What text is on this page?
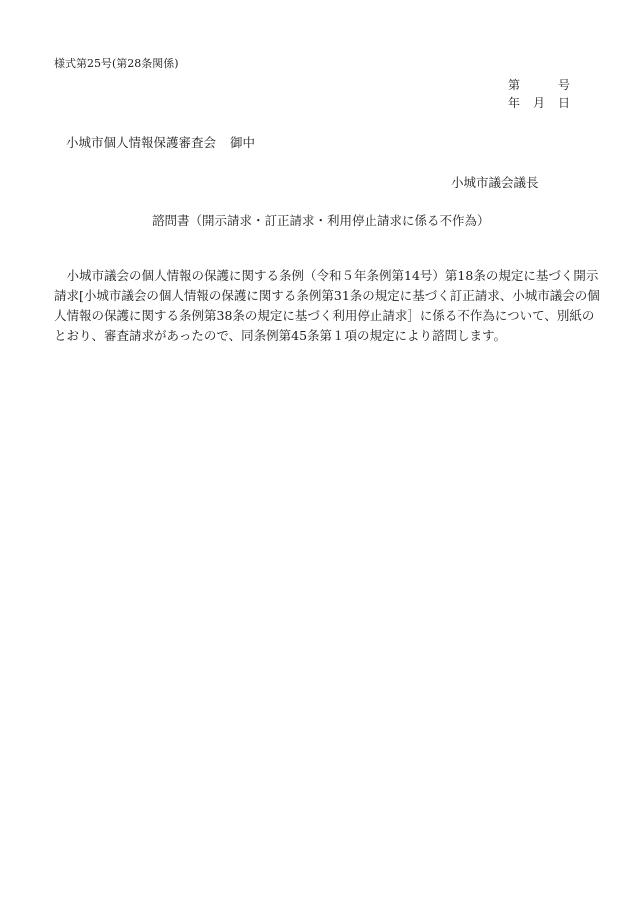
様式第25号(第28条関係)
第	号
年 月 日
小城市個人情報保護審査会 御中
小城市議会議長
諮問書（開示請求・訂正請求・利用停止請求に係る不作為）
　小城市議会の個人情報の保護に関する条例（令和５年条例第14号）第18条の規定に基づく開示
請求[小城市議会の個人情報の保護に関する条例第31条の規定に基づく訂正請求、小城市議会の個
人情報の保護に関する条例第38条の規定に基づく利用停止請求］に係る不作為について、別紙の
とおり、審査請求があったので、同条例第45条第１項の規定により諮問します。
